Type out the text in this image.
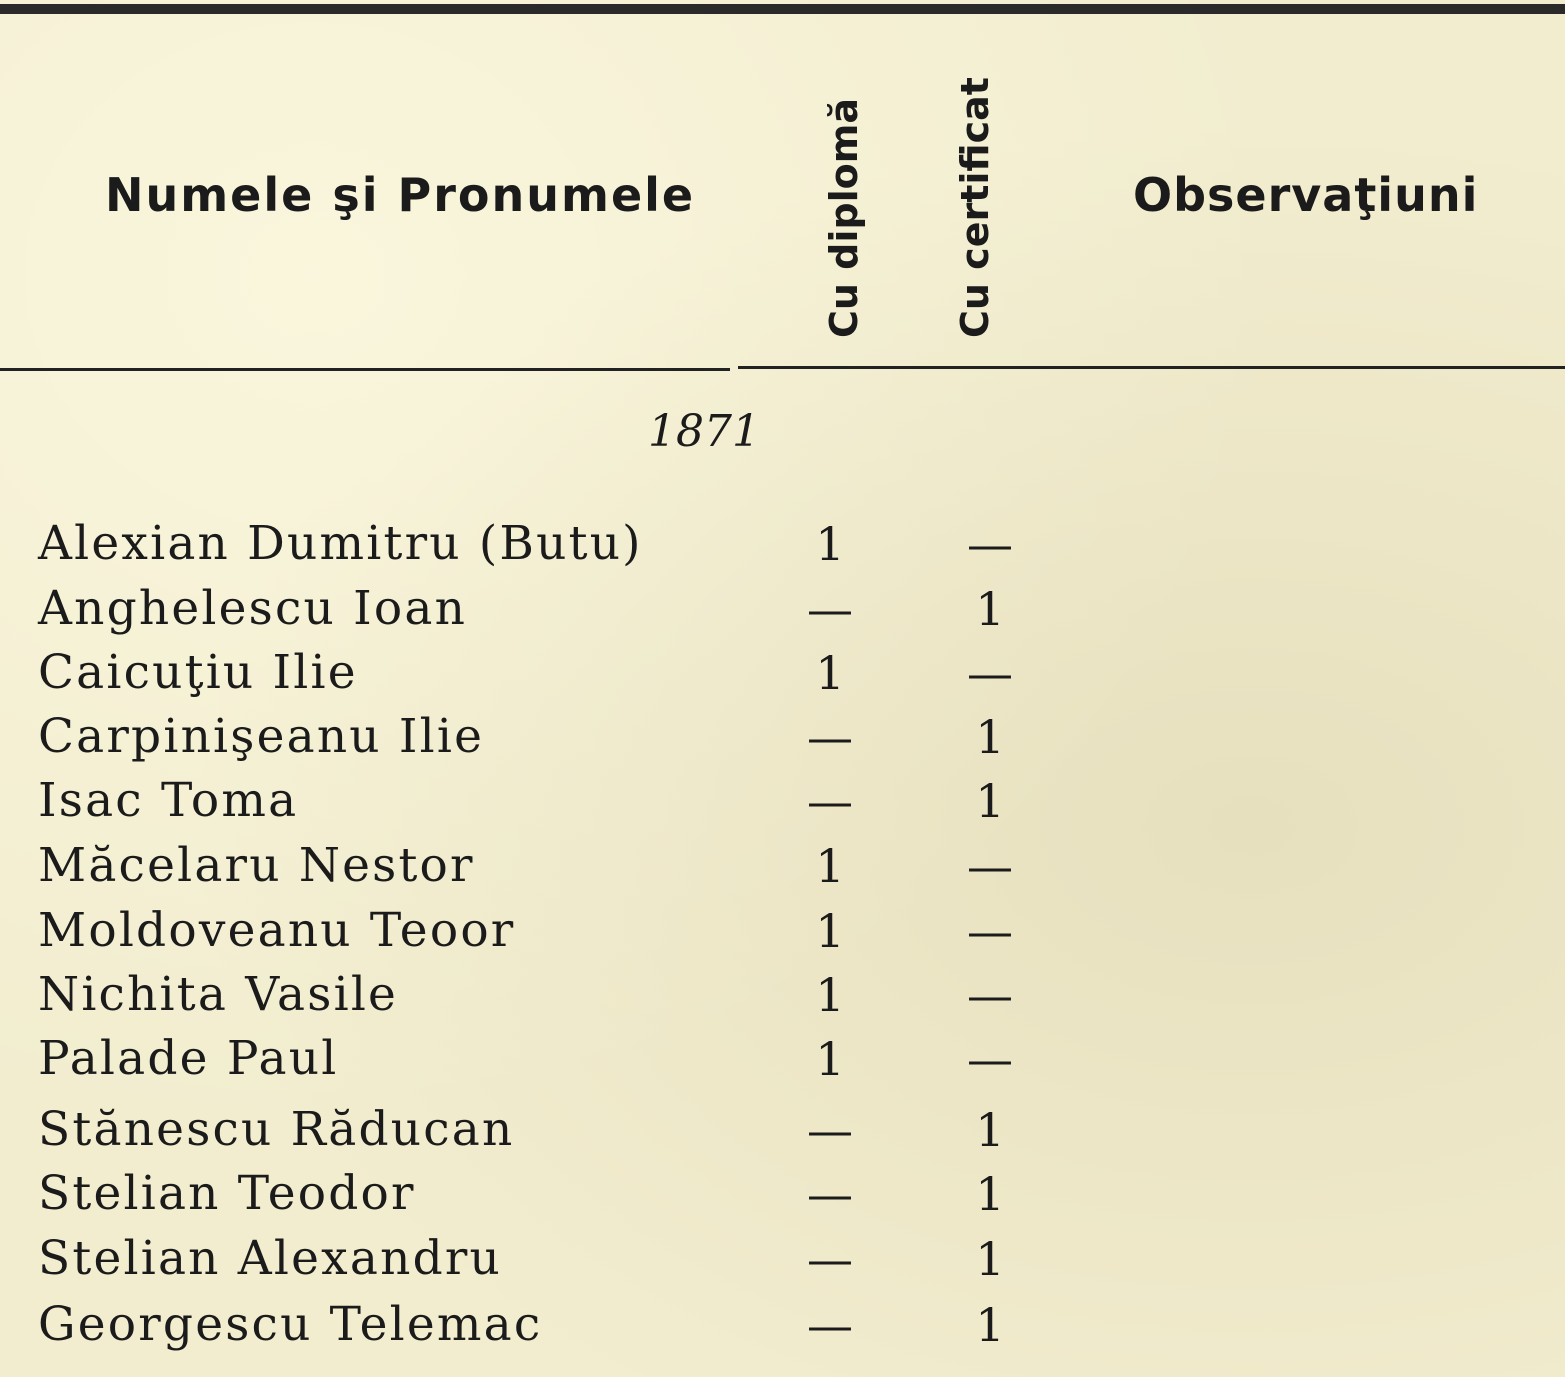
Numele şi Pronumele	Cu diplomă Cu certificat	Observaţiuni
1871
Alexian Dumitru (Butu)	1	—
Anghelescu Ioan	—	1
Caicuţiu Ilie	1	—
Carpinişeanu Ilie	—	1
Isac Toma	—	1
Măcelaru Nestor	1	—
Moldoveanu Teoor	1	—
Nichita Vasile	1	—
Palade Paul	1	—
Stănescu Răducan	—	1
Stelian Teodor	—	1
Stelian Alexandru	—	1
Georgescu Telemac	—	1
